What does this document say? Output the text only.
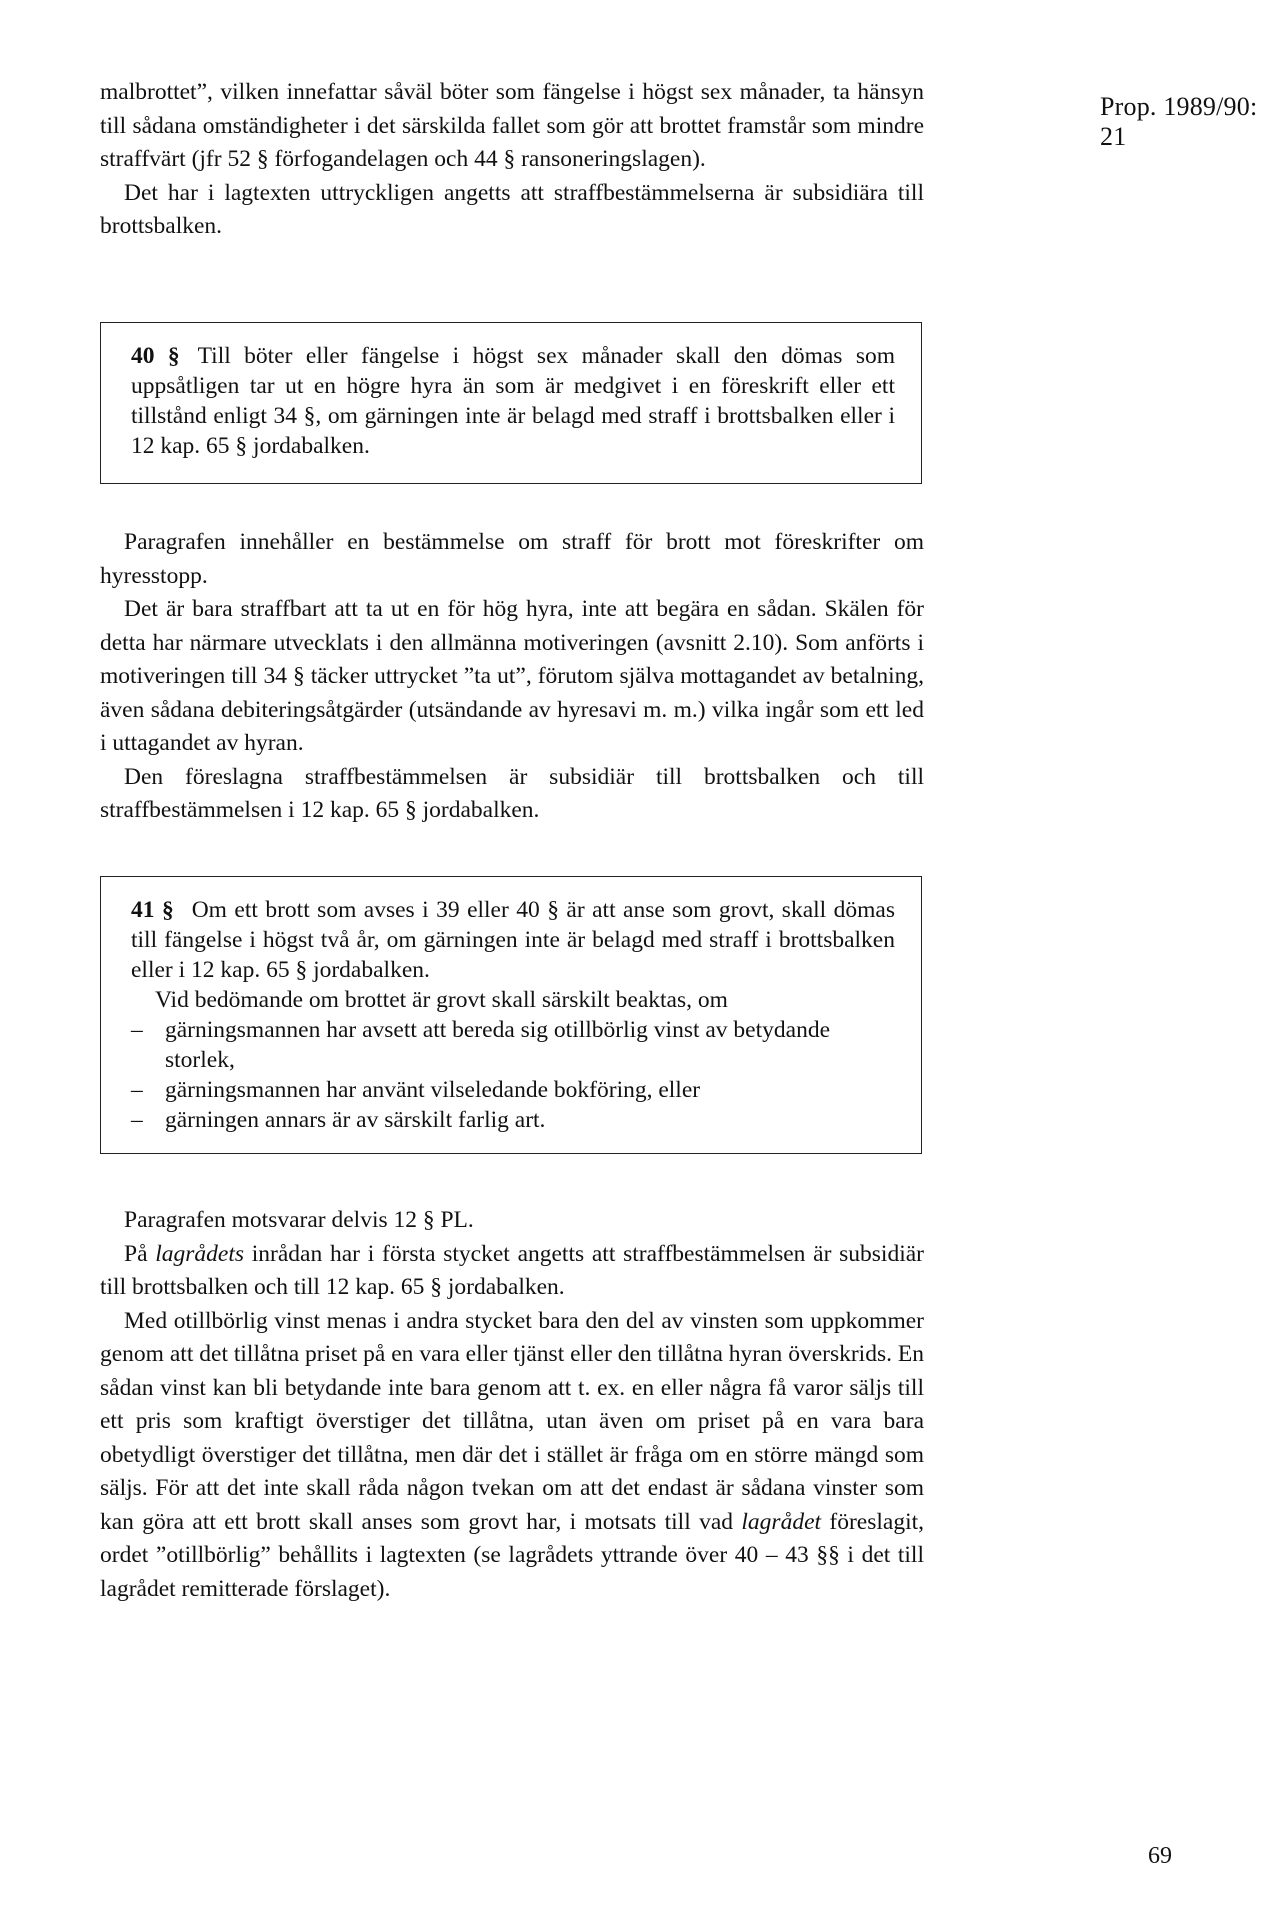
Prop. 1989/90: 21

malbrottet”, vilken innefattar såväl böter som fängelse i högst sex månader, ta hänsyn till sådana omständigheter i det särskilda fallet som gör att brottet framstår som mindre straffvärt (jfr 52 § förfogandelagen och 44 § ransoneringslagen).

Det har i lagtexten uttryckligen angetts att straffbestämmelserna är subsidiära till brottsbalken.

40 § Till böter eller fängelse i högst sex månader skall den dömas som uppsåtligen tar ut en högre hyra än som är medgivet i en föreskrift eller ett tillstånd enligt 34 §, om gärningen inte är belagd med straff i brottsbalken eller i 12 kap. 65 § jordabalken.

Paragrafen innehåller en bestämmelse om straff för brott mot föreskrifter om hyresstopp.

Det är bara straffbart att ta ut en för hög hyra, inte att begära en sådan. Skälen för detta har närmare utvecklats i den allmänna motiveringen (avsnitt 2.10). Som anförts i motiveringen till 34 § täcker uttrycket ”ta ut”, förutom själva mottagandet av betalning, även sådana debiteringsåtgärder (utsändande av hyresavi m. m.) vilka ingår som ett led i uttagandet av hyran.

Den föreslagna straffbestämmelsen är subsidiär till brottsbalken och till straffbestämmelsen i 12 kap. 65 § jordabalken.

41 § Om ett brott som avses i 39 eller 40 § är att anse som grovt, skall dömas till fängelse i högst två år, om gärningen inte är belagd med straff i brottsbalken eller i 12 kap. 65 § jordabalken.

Vid bedömande om brottet är grovt skall särskilt beaktas, om

– gärningsmannen har avsett att bereda sig otillbörlig vinst av betydande storlek,
– gärningsmannen har använt vilseledande bokföring, eller
– gärningen annars är av särskilt farlig art.

Paragrafen motsvarar delvis 12 § PL.

På lagrådets inrådan har i första stycket angetts att straffbestämmelsen är subsidiär till brottsbalken och till 12 kap. 65 § jordabalken.

Med otillbörlig vinst menas i andra stycket bara den del av vinsten som uppkommer genom att det tillåtna priset på en vara eller tjänst eller den tillåtna hyran överskrids. En sådan vinst kan bli betydande inte bara genom att t. ex. en eller några få varor säljs till ett pris som kraftigt överstiger det tillåtna, utan även om priset på en vara bara obetydligt överstiger det tillåtna, men där det i stället är fråga om en större mängd som säljs. För att det inte skall råda någon tvekan om att det endast är sådana vinster som kan göra att ett brott skall anses som grovt har, i motsats till vad lagrådet föreslagit, ordet ”otillbörlig” behållits i lagtexten (se lagrådets yttrande över 40 – 43 §§ i det till lagrådet remitterade förslaget).

69
